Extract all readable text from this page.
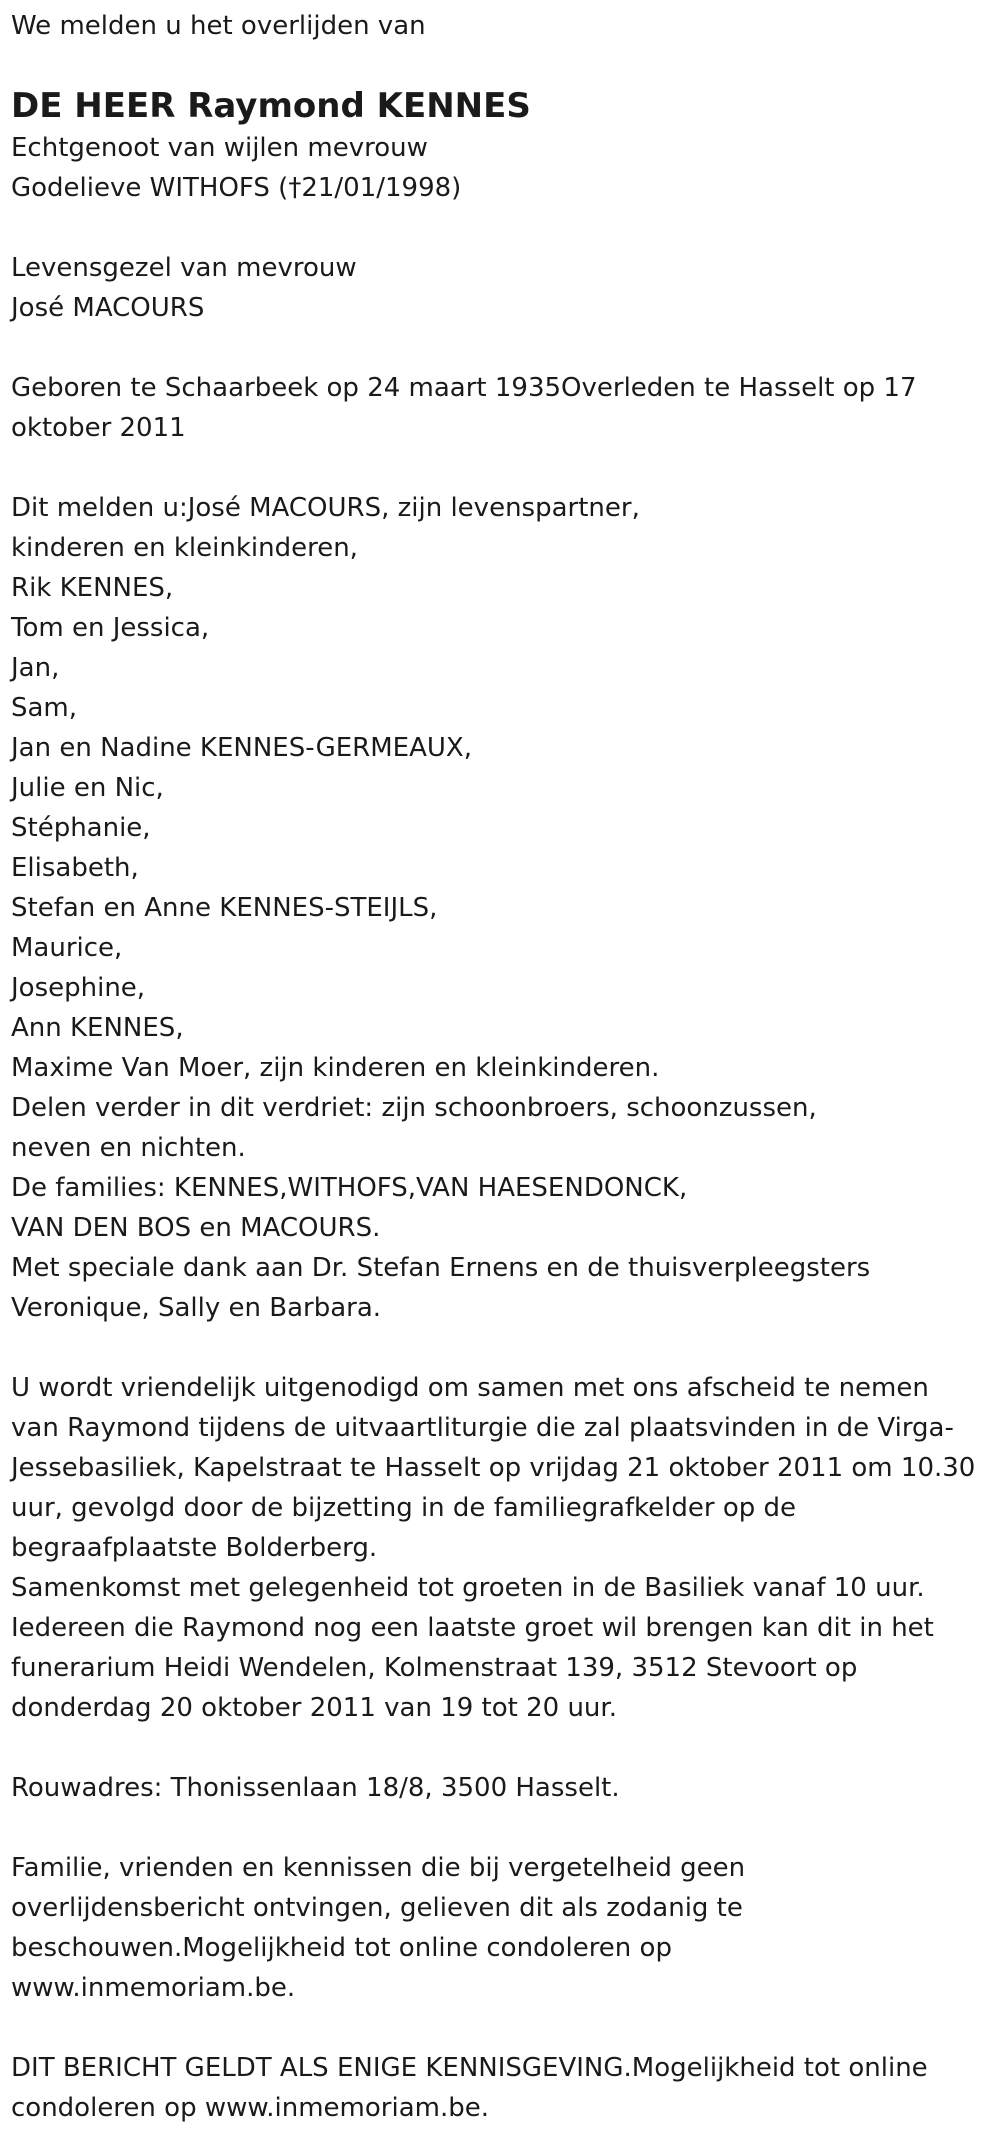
We melden u het overlijden van

DE HEER Raymond KENNES

Echtgenoot van wijlen mevrouw

Godelieve WITHOFS (†21/01/1998)

Levensgezel van mevrouw

José MACOURS

Geboren te Schaarbeek op 24 maart 1935Overleden te Hasselt op 17

oktober 2011

Dit melden u:José MACOURS, zijn levenspartner,

kinderen en kleinkinderen,

Rik KENNES,

Tom en Jessica,

Jan,

Sam,

Jan en Nadine KENNES-GERMEAUX,

Julie en Nic,

Stéphanie,

Elisabeth,

Stefan en Anne KENNES-STEIJLS,

Maurice,

Josephine,

Ann KENNES,

Maxime Van Moer, zijn kinderen en kleinkinderen.

Delen verder in dit verdriet: zijn schoonbroers, schoonzussen,

neven en nichten.

De families: KENNES,WITHOFS,VAN HAESENDONCK,

VAN DEN BOS en MACOURS.

Met speciale dank aan Dr. Stefan Ernens en de thuisverpleegsters

Veronique, Sally en Barbara.

U wordt vriendelijk uitgenodigd om samen met ons afscheid te nemen

van Raymond tijdens de uitvaartliturgie die zal plaatsvinden in de Virga-

Jessebasiliek, Kapelstraat te Hasselt op vrijdag 21 oktober 2011 om 10.30

uur, gevolgd door de bijzetting in de familiegrafkelder op de

begraafplaatste Bolderberg.

Samenkomst met gelegenheid tot groeten in de Basiliek vanaf 10 uur.

Iedereen die Raymond nog een laatste groet wil brengen kan dit in het

funerarium Heidi Wendelen, Kolmenstraat 139, 3512 Stevoort op

donderdag 20 oktober 2011 van 19 tot 20 uur.

Rouwadres: Thonissenlaan 18/8, 3500 Hasselt.

Familie, vrienden en kennissen die bij vergetelheid geen

overlijdensbericht ontvingen, gelieven dit als zodanig te

beschouwen.Mogelijkheid tot online condoleren op

www.inmemoriam.be.

DIT BERICHT GELDT ALS ENIGE KENNISGEVING.Mogelijkheid tot online

condoleren op www.inmemoriam.be.
